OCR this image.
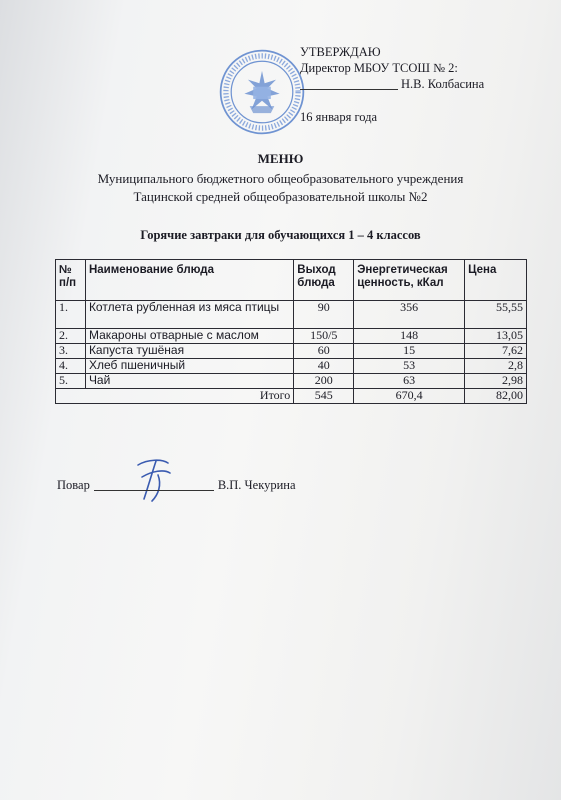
УТВЕРЖДАЮ
Директор МБОУ ТСОШ № 2:
Н.В. Колбасина
16 января года
МЕНЮ
Муниципального бюджетного общеобразовательного учреждения
Тацинской средней общеобразовательной школы №2
Горячие завтраки для обучающихся 1 – 4 классов
№ п/п	Наименование блюда	Выход блюда	Энергетическая ценность, кКал	Цена
1.	Котлета рубленная из мяса птицы	90	356	55,55
2.	Макароны отварные с маслом	150/5	148	13,05
3.	Капуста тушёная	60	15	7,62
4.	Хлеб пшеничный	40	53	2,8
5.	Чай	200	63	2,98
Итого		545	670,4	82,00
Повар	В.П. Чекурина
